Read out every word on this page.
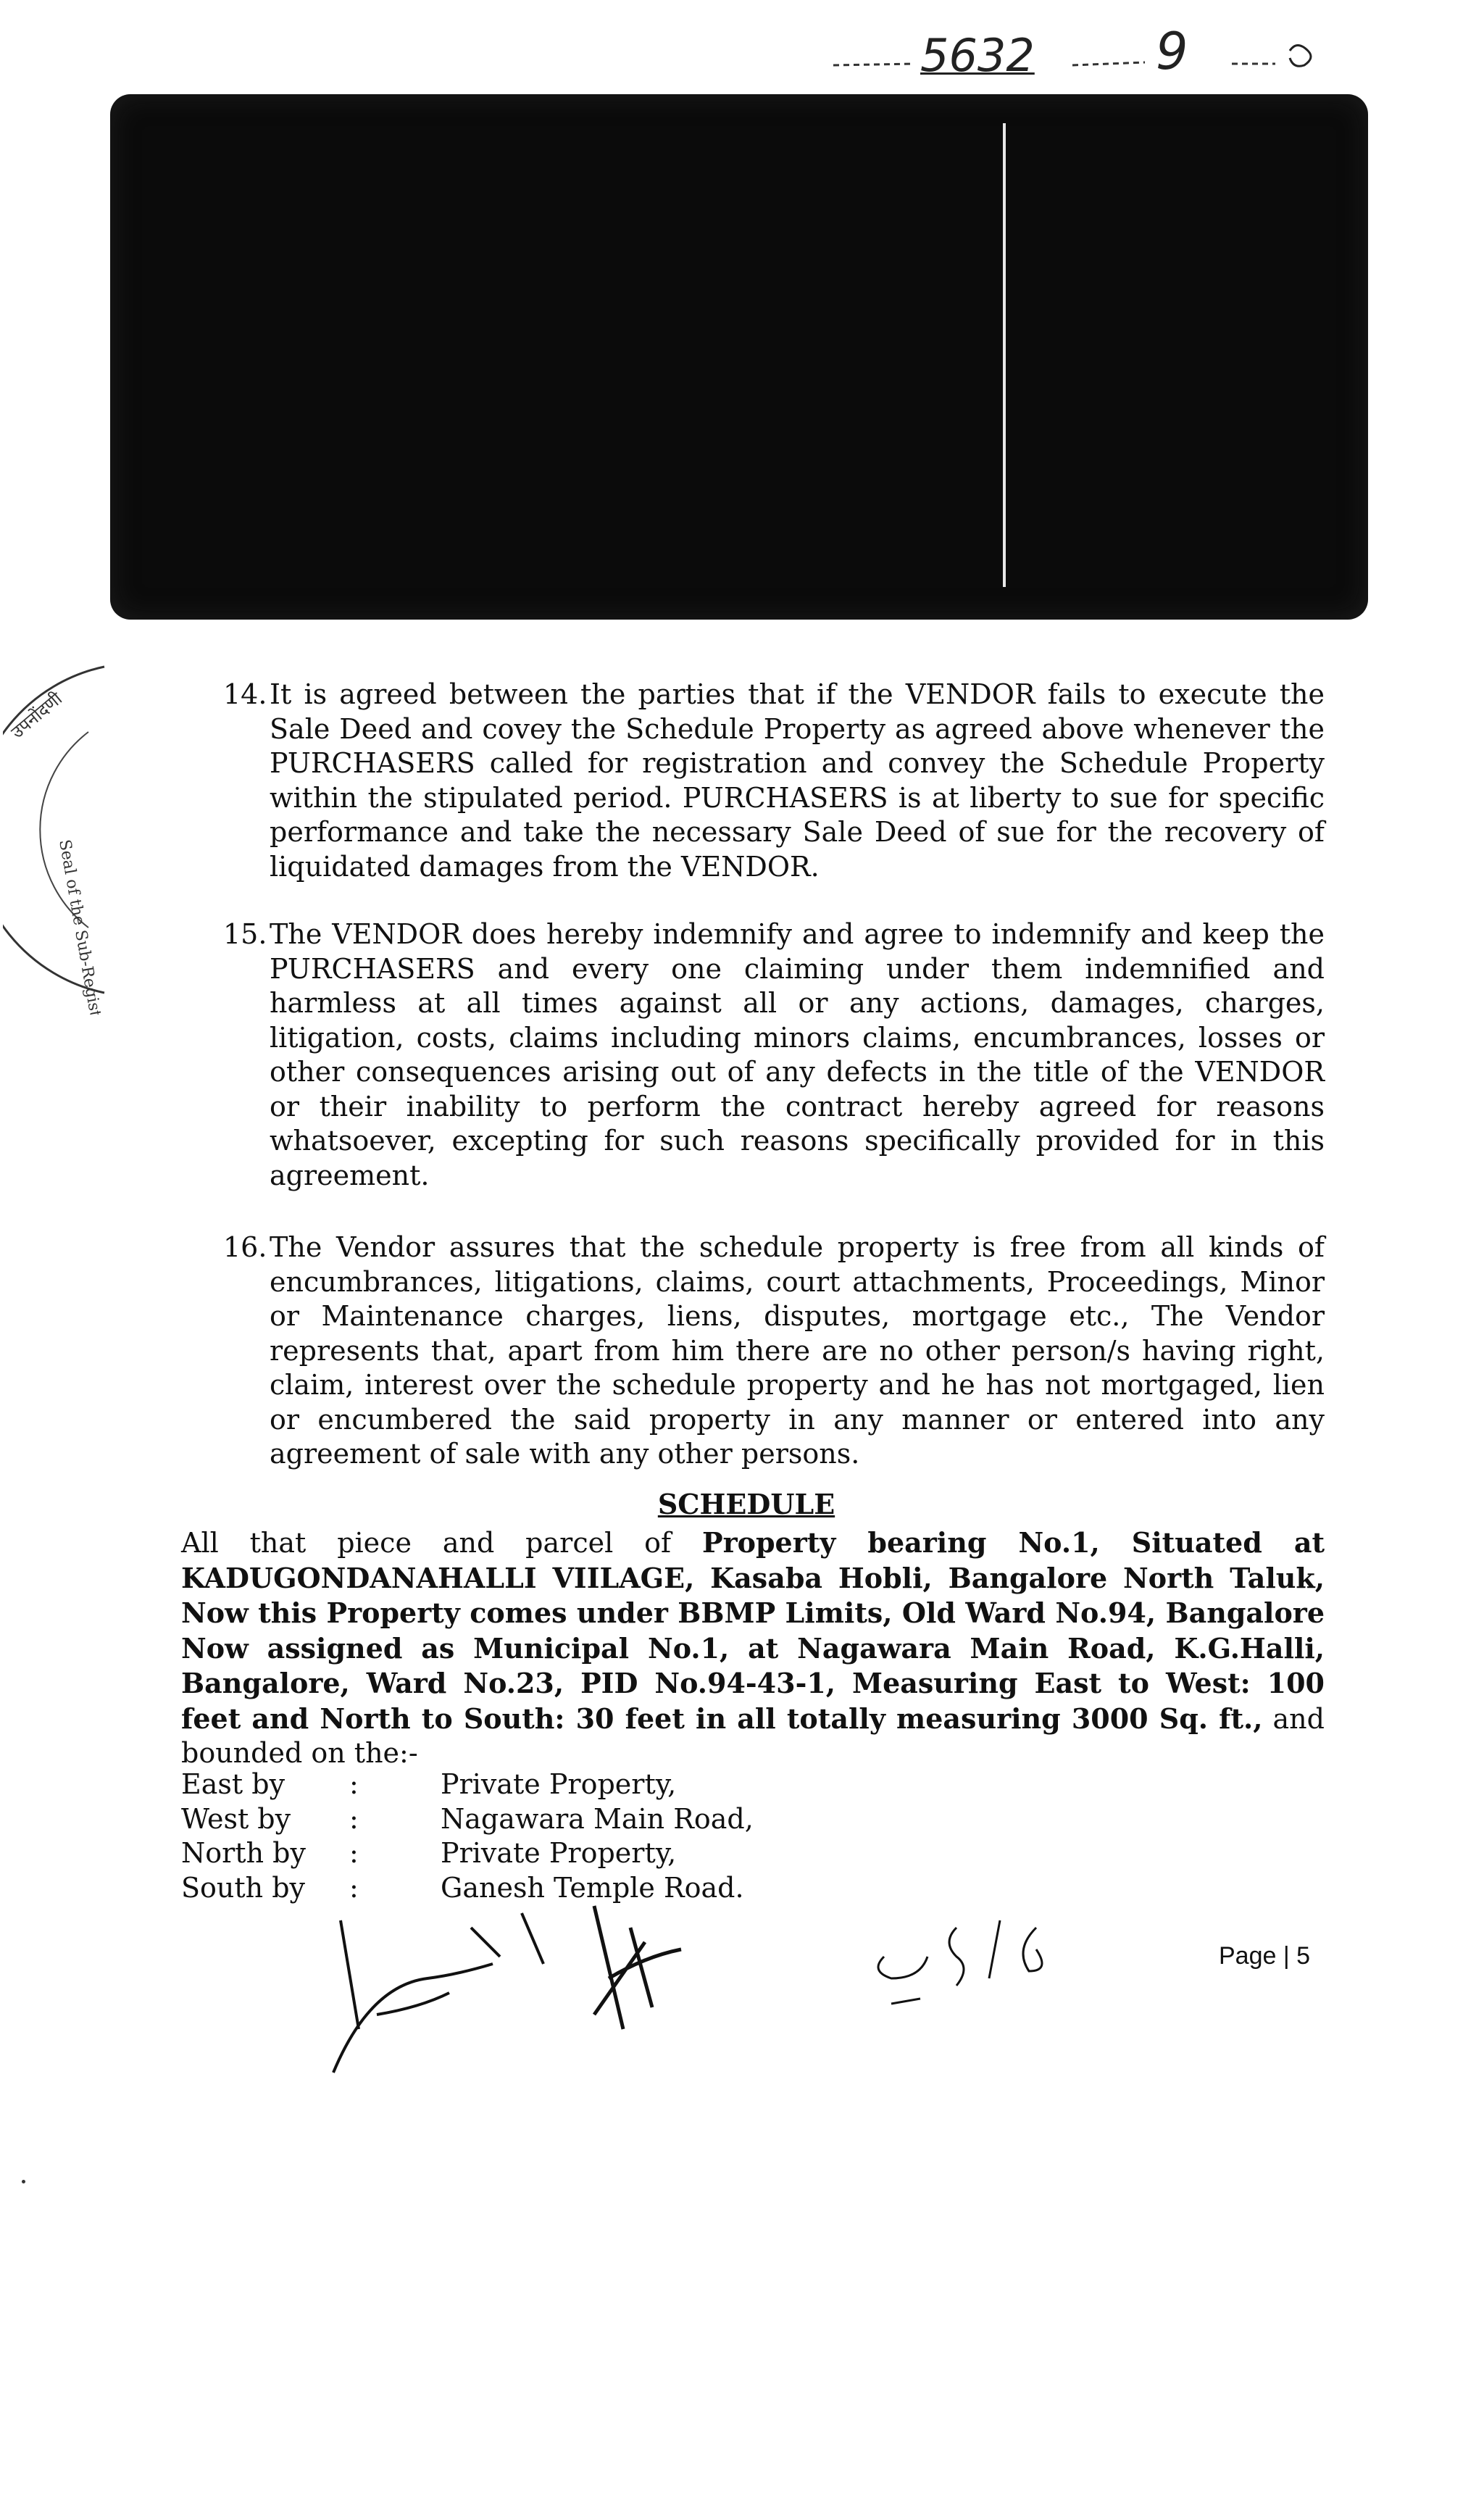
5632 9
उपनोंदणी
Seal of the Sub-Registrar of
14. It is agreed between the parties that if the VENDOR fails to execute the Sale Deed and covey the Schedule Property as agreed above whenever the PURCHASERS called for registration and convey the Schedule Property within the stipulated period. PURCHASERS is at liberty to sue for specific performance and take the necessary Sale Deed of sue for the recovery of liquidated damages from the VENDOR.
15. The VENDOR does hereby indemnify and agree to indemnify and keep the PURCHASERS and every one claiming under them indemnified and harmless at all times against all or any actions, damages, charges, litigation, costs, claims including minors claims, encumbrances, losses or other consequences arising out of any defects in the title of the VENDOR or their inability to perform the contract hereby agreed for reasons whatsoever, excepting for such reasons specifically provided for in this agreement.
16. The Vendor assures that the schedule property is free from all kinds of encumbrances, litigations, claims, court attachments, Proceedings, Minor or Maintenance charges, liens, disputes, mortgage etc., The Vendor represents that, apart from him there are no other person/s having right, claim, interest over the schedule property and he has not mortgaged, lien or encumbered the said property in any manner or entered into any agreement of sale with any other persons.
SCHEDULE
All that piece and parcel of Property bearing No.1, Situated at KADUGONDANAHALLI VIILAGE, Kasaba Hobli, Bangalore North Taluk, Now this Property comes under BBMP Limits, Old Ward No.94, Bangalore Now assigned as Municipal No.1, at Nagawara Main Road, K.G.Halli, Bangalore, Ward No.23, PID No.94-43-1, Measuring East to West: 100 feet and North to South: 30 feet in all totally measuring 3000 Sq. ft., and bounded on the:-
East by :	Private Property,
West by :	Nagawara Main Road,
North by :	Private Property,
South by :	Ganesh Temple Road.
9916	Page | 5
